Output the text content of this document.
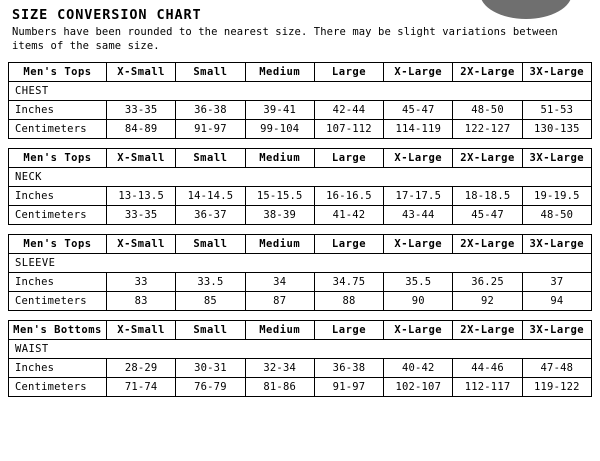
SIZE CONVERSION CHART
Numbers have been rounded to the nearest size. There may be slight variations between items of the same size.
Men's Tops	X-Small	Small	Medium	Large	X-Large	2X-Large	3X-Large
CHEST							
Inches	33-35	36-38	39-41	42-44	45-47	48-50	51-53
Centimeters	84-89	91-97	99-104	107-112	114-119	122-127	130-135
Men's Tops	X-Small	Small	Medium	Large	X-Large	2X-Large	3X-Large
NECK							
Inches	13-13.5	14-14.5	15-15.5	16-16.5	17-17.5	18-18.5	19-19.5
Centimeters	33-35	36-37	38-39	41-42	43-44	45-47	48-50
Men's Tops	X-Small	Small	Medium	Large	X-Large	2X-Large	3X-Large
SLEEVE							
Inches	33	33.5	34	34.75	35.5	36.25	37
Centimeters	83	85	87	88	90	92	94
Men's Bottoms	X-Small	Small	Medium	Large	X-Large	2X-Large	3X-Large
WAIST							
Inches	28-29	30-31	32-34	36-38	40-42	44-46	47-48
Centimeters	71-74	76-79	81-86	91-97	102-107	112-117	119-122
